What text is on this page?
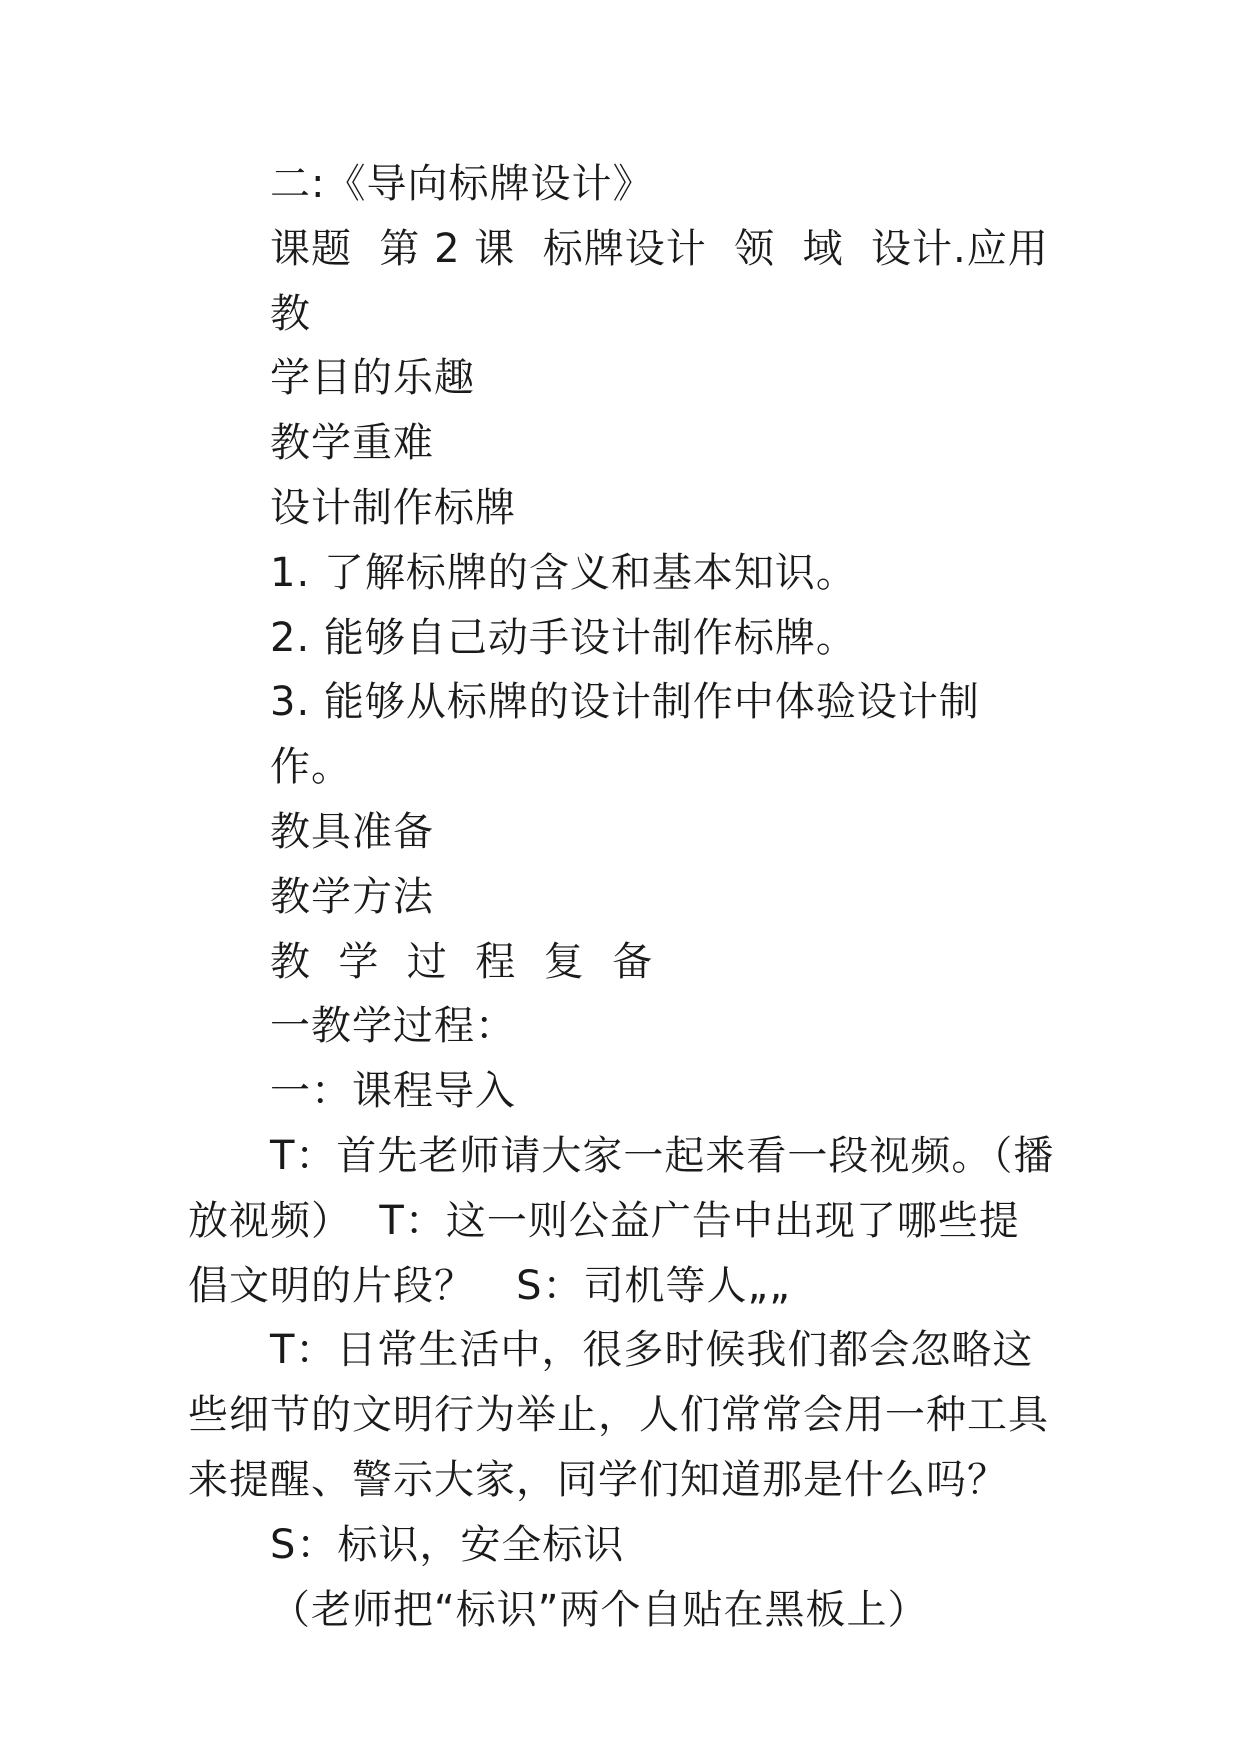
二:《导向标牌设计》

课题  第 2 课  标牌设计  领  域  设计.应用  教

学目的乐趣

教学重难

设计制作标牌

1. 了解标牌的含义和基本知识。

2. 能够自己动手设计制作标牌。

3. 能够从标牌的设计制作中体验设计制作。

教具准备

教学方法

教  学  过  程  复  备

一教学过程：

一：课程导入

T：首先老师请大家一起来看一段视频。（播放视频）  T：这一则公益广告中出现了哪些提倡文明的片段？   S：司机等人„„

T：日常生活中，很多时候我们都会忽略这些细节的文明行为举止，人们常常会用一种工具来提醒、警示大家，同学们知道那是什么吗？

S：标识，安全标识

（老师把“标识”两个自贴在黑板上）
